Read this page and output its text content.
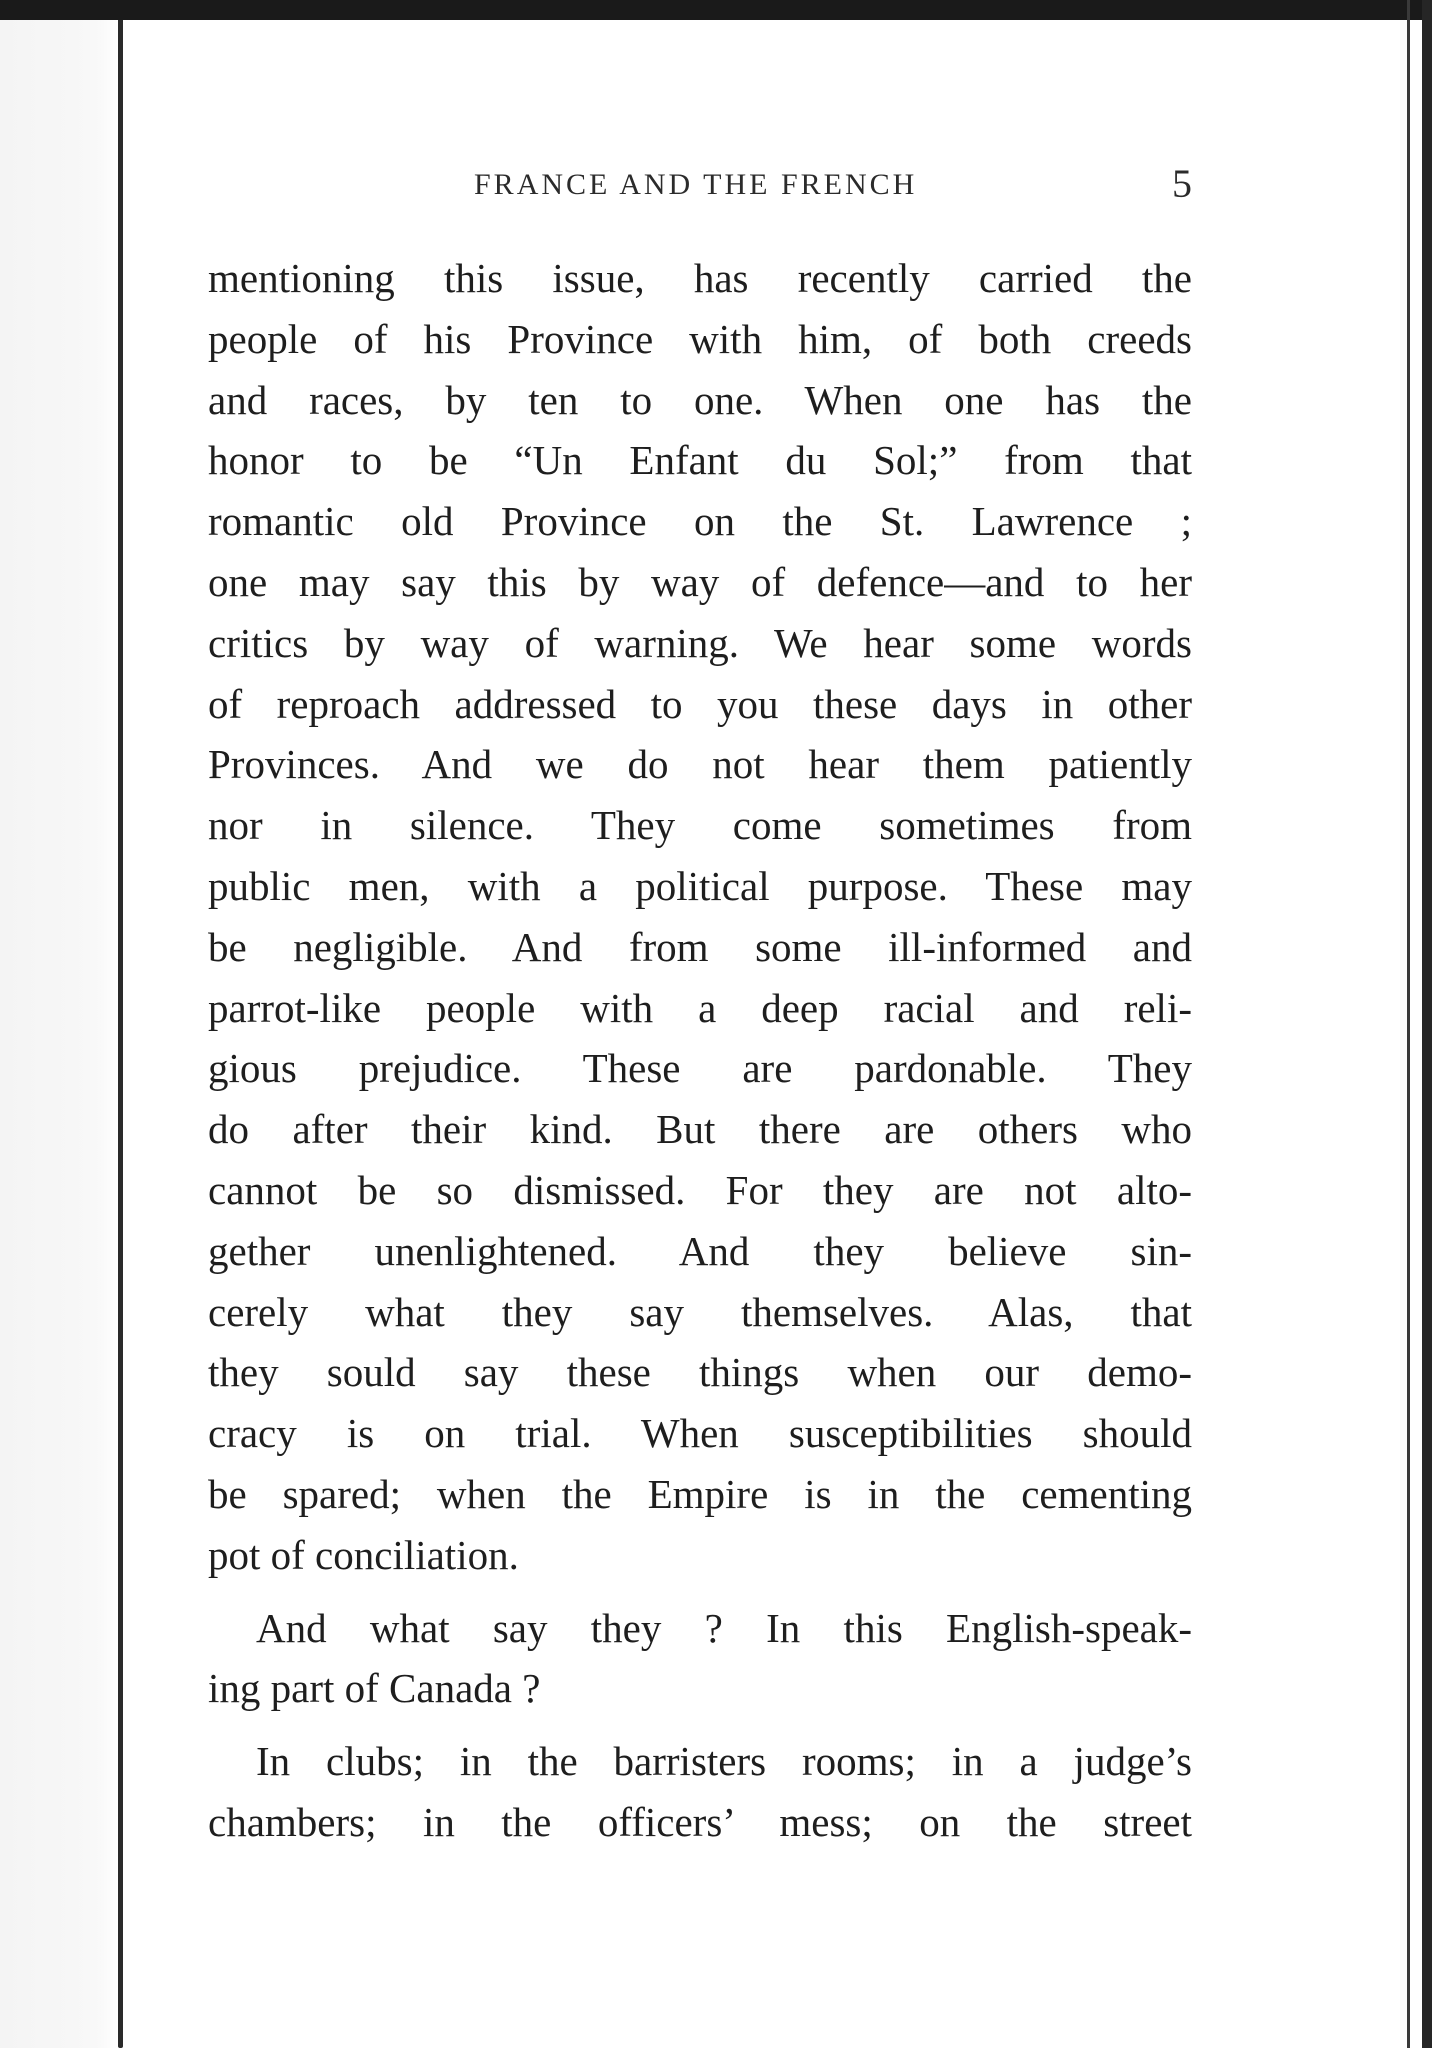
FRANCE AND THE FRENCH	5
mentioning this issue, has recently carried the
people of his Province with him, of both creeds
and races, by ten to one. When one has the
honor to be “Un Enfant du Sol;” from that
romantic old Province on the St. Lawrence ;
one may say this by way of defence—and to her
critics by way of warning. We hear some words
of reproach addressed to you these days in other
Provinces. And we do not hear them patiently
nor in silence. They come sometimes from
public men, with a political purpose. These may
be negligible. And from some ill-informed and
parrot-like people with a deep racial and reli-
gious prejudice. These are pardonable. They
do after their kind. But there are others who
cannot be so dismissed. For they are not alto-
gether unenlightened. And they believe sin-
cerely what they say themselves. Alas, that
they sould say these things when our demo-
cracy is on trial. When susceptibilities should
be spared; when the Empire is in the cementing
pot of conciliation.
And what say they ? In this English-speak-
ing part of Canada ?
In clubs; in the barristers rooms; in a judge’s
chambers; in the officers’ mess; on the street
